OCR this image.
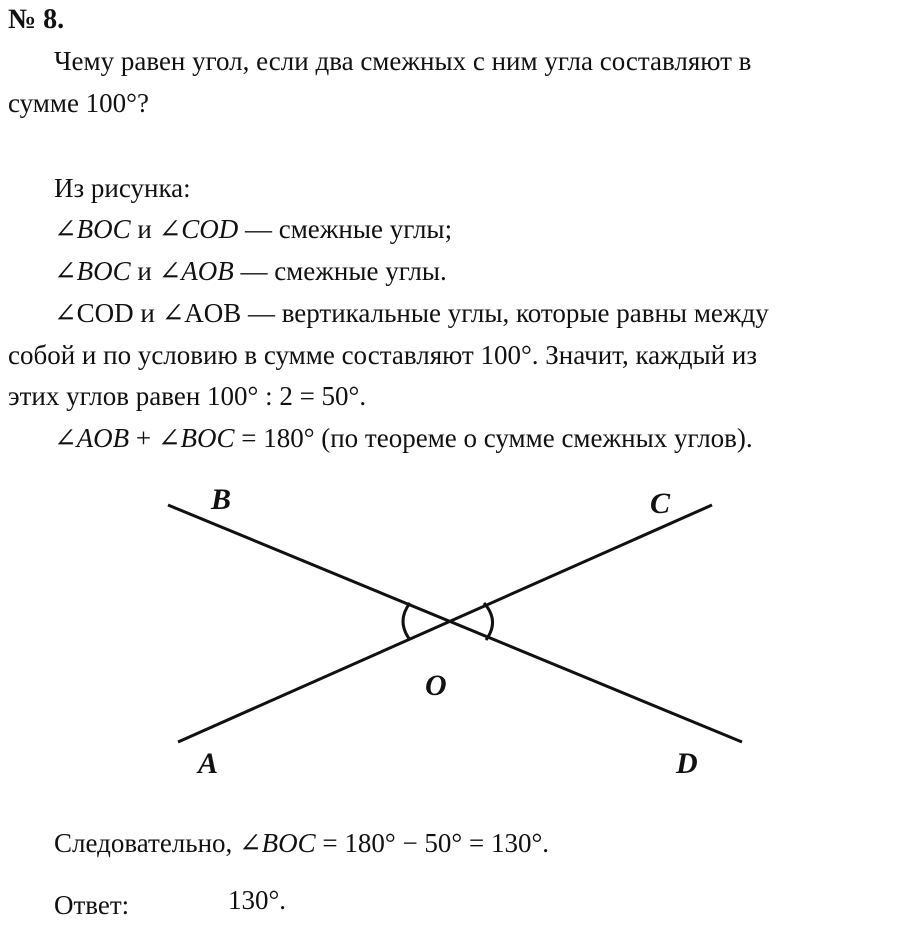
№ 8.
Чему равен угол, если два смежных с ним угла составляют в
сумме 100°?
Из рисунка:
∠BOC и ∠COD — смежные углы;
∠BOC и ∠AOB — смежные углы.
∠COD и ∠AOB — вертикальные углы, которые равны между
собой и по условию в сумме составляют 100°. Значит, каждый из
этих углов равен 100° : 2 = 50°.
∠AOB + ∠BOC = 180° (по теореме о сумме смежных углов).
B	C
O
A	D
Следовательно, ∠BOC = 180° − 50° = 130°.
Ответ:	130°.
